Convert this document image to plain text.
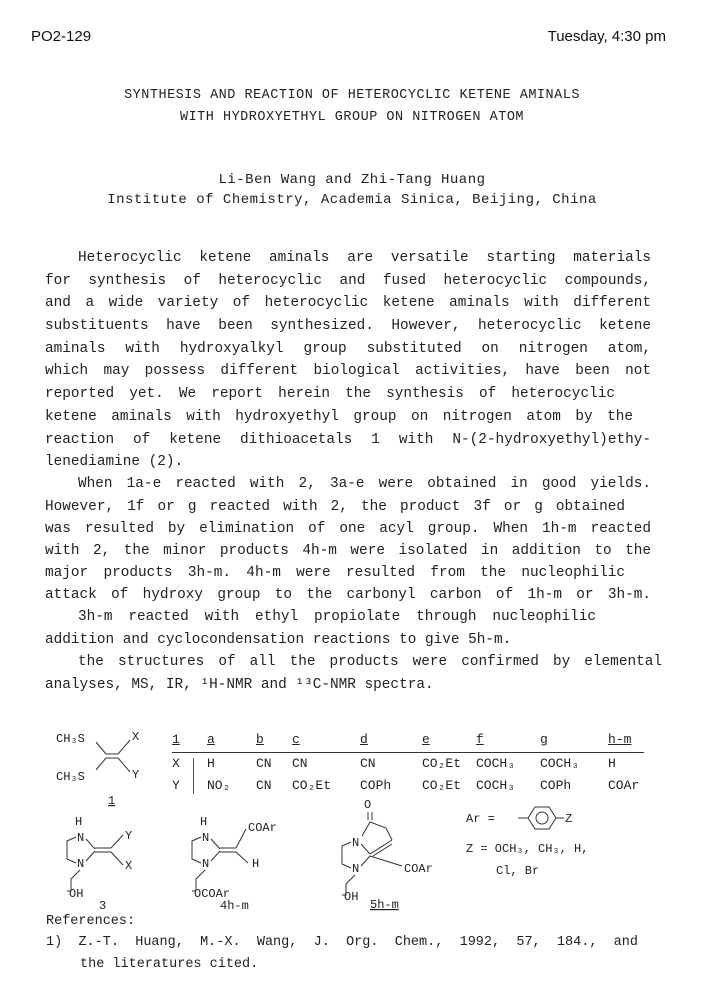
PO2-129	Tuesday, 4:30 pm
SYNTHESIS AND REACTION OF HETEROCYCLIC KETENE AMINALS
WITH HYDROXYETHYL GROUP ON NITROGEN ATOM
Li-Ben Wang and Zhi-Tang Huang
Institute of Chemistry, Academia Sinica, Beijing, China
Heterocyclic ketene aminals are versatile starting materials
for synthesis of heterocyclic and fused heterocyclic compounds,
and a wide variety of heterocyclic ketene aminals with different
substituents have been synthesized. However, heterocyclic ketene
aminals with hydroxyalkyl group substituted on nitrogen atom,
which may possess different biological activities, have been not
reported yet. We report herein the synthesis of heterocyclic
ketene aminals with hydroxyethyl group on nitrogen atom by the
reaction of ketene dithioacetals 1 with N-(2-hydroxyethyl)ethy-
lenediamine (2).
When 1a-e reacted with 2, 3a-e were obtained in good yields.
However, 1f or g reacted with 2, the product 3f or g obtained
was resulted by elimination of one acyl group. When 1h-m reacted
with 2, the minor products 4h-m were isolated in addition to the
major products 3h-m. 4h-m were resulted from the nucleophilic
attack of hydroxy group to the carbonyl carbon of 1h-m or 3h-m.
3h-m reacted with ethyl propiolate through nucleophilic
addition and cyclocondensation reactions to give 5h-m.
the structures of all the products were confirmed by elemental
analyses, MS, IR, ¹H-NMR and ¹³C-NMR spectra.
CH₃S
CH₃S
X
Y
1
1 a	b c	d	e	f	g	h-m
X H	CN CN	CN	CO₂Et COCH₃ COCH₃ H
Y NO₂ CN CO₂Et COPh CO₂Et COCH₃ COPh	COAr
H
N
N
Y
X
OH
3
H
N
N
COAr
H
OCOAr
4h-m
O
N
N	COAr
OH
5h-m
Ar =	Z
Z = OCH₃, CH₃, H,
Cl, Br
References:
1) Z.-T. Huang, M.-X. Wang, J. Org. Chem., 1992, 57, 184., and
the literatures cited.
